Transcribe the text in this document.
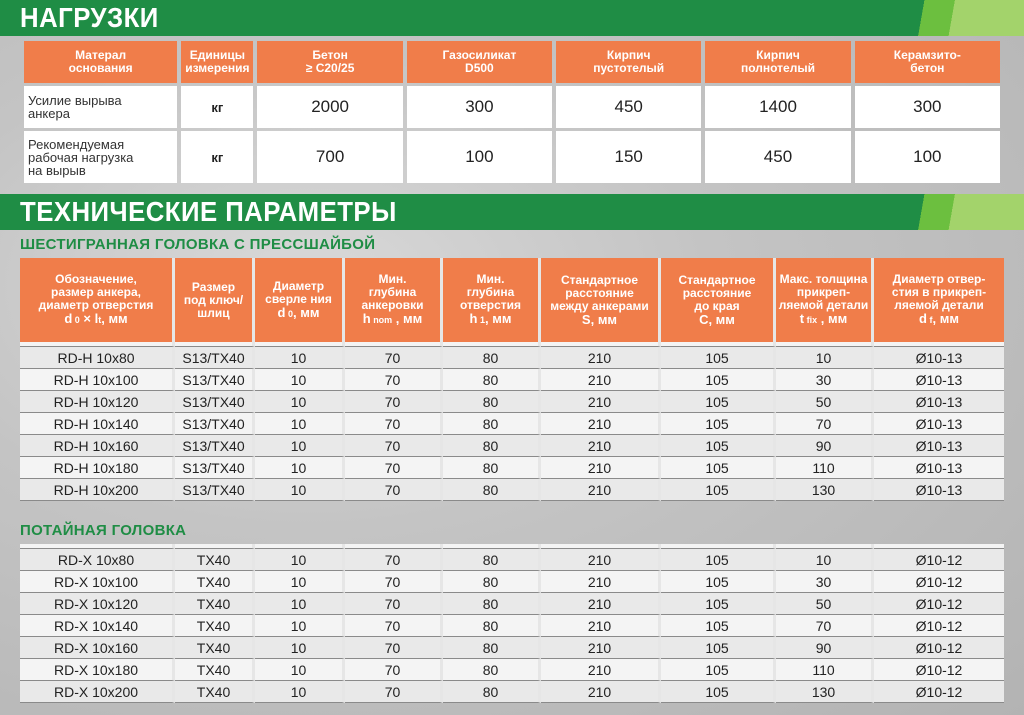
НАГРУЗКИ
Матерал
основания	Единицы
измерения	Бетон
≥ C20/25	Газосиликат
D500	Кирпич
пустотелый	Кирпич
полнотелый	Керамзито-
бетон
Усилие вырыва
анкера	кг	2000	300	450	1400	300
Рекомендуемая
рабочая нагрузка
на вырыв	кг	700	100	150	450	100
ТЕХНИЧЕСКИЕ ПАРАМЕТРЫ
ШЕСТИГРАННАЯ ГОЛОВКА С ПРЕССШАЙБОЙ
Обозначение,
размер анкера,
диаметр отверстия
d 0 × lt, мм	Размер
под ключ/
шлиц	Диаметр
сверле ния
d 0, мм	Мин.
глубина
анкеровки
h nom , мм	Мин.
глубина
отверстия
h 1, мм	Стандартное
расстояние
между анкерами
S, мм	Стандартное
расстояние
до края
C, мм	Макс. толщина
прикреп-
ляемой детали
t fix , мм	Диаметр отвер-
стия в прикреп-
ляемой детали
d f, мм

RD-H 10x80	S13/TX40	10	70	80	210	105	10	Ø10-13
RD-H 10x100	S13/TX40	10	70	80	210	105	30	Ø10-13
RD-H 10x120	S13/TX40	10	70	80	210	105	50	Ø10-13
RD-H 10x140	S13/TX40	10	70	80	210	105	70	Ø10-13
RD-H 10x160	S13/TX40	10	70	80	210	105	90	Ø10-13
RD-H 10x180	S13/TX40	10	70	80	210	105	110	Ø10-13
RD-H 10x200	S13/TX40	10	70	80	210	105	130	Ø10-13
ПОТАЙНАЯ ГОЛОВКА

RD-X 10x80	TX40	10	70	80	210	105	10	Ø10-12
RD-X 10x100	TX40	10	70	80	210	105	30	Ø10-12
RD-X 10x120	TX40	10	70	80	210	105	50	Ø10-12
RD-X 10x140	TX40	10	70	80	210	105	70	Ø10-12
RD-X 10x160	TX40	10	70	80	210	105	90	Ø10-12
RD-X 10x180	TX40	10	70	80	210	105	110	Ø10-12
RD-X 10x200	TX40	10	70	80	210	105	130	Ø10-12
